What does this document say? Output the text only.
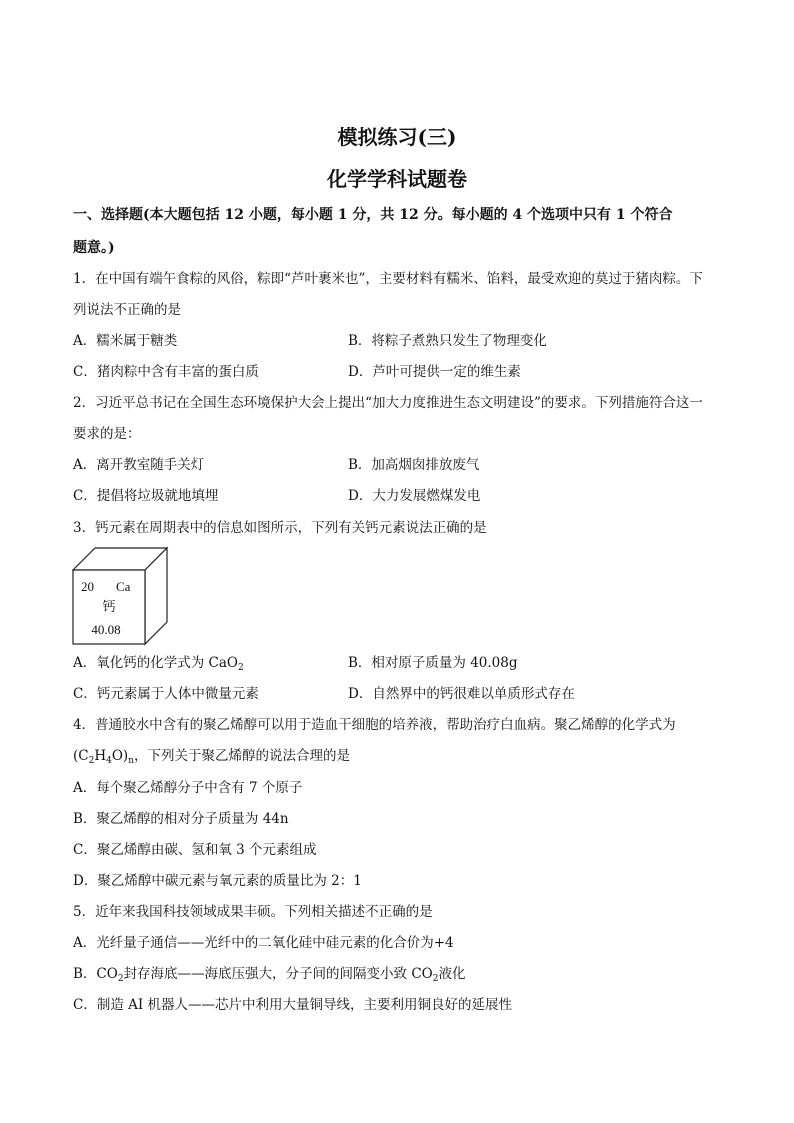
模拟练习(三)
化学学科试题卷
一、选择题(本大题包括 12 小题，每小题 1 分，共 12 分。每小题的 4 个选项中只有 1 个符合
题意。)
1．在中国有端午食粽的风俗，粽即“芦叶裹米也”，主要材料有糯米、馅料，最受欢迎的莫过于猪肉粽。下
列说法不正确的是
A．糯米属于糖类	B．将粽子煮熟只发生了物理变化
C．猪肉粽中含有丰富的蛋白质	D．芦叶可提供一定的维生素
2．习近平总书记在全国生态环境保护大会上提出“加大力度推进生态文明建设”的要求。下列措施符合这一
要求的是：
A．离开教室随手关灯	B．加高烟囱排放废气
C．提倡将垃圾就地填埋	D．大力发展燃煤发电
3．钙元素在周期表中的信息如图所示，下列有关钙元素说法正确的是
20 Ca
钙
40.08
A．氧化钙的化学式为 CaO$_2$	B．相对原子质量为 40.08g
C．钙元素属于人体中微量元素	D．自然界中的钙很难以单质形式存在
4．普通胶水中含有的聚乙烯醇可以用于造血干细胞的培养液，帮助治疗白血病。聚乙烯醇的化学式为
$(C_2H_4O)_n$，下列关于聚乙烯醇的说法合理的是
A．每个聚乙烯醇分子中含有 7 个原子
B．聚乙烯醇的相对分子质量为 44n
C．聚乙烯醇由碳、氢和氧 3 个元素组成
D．聚乙烯醇中碳元素与氧元素的质量比为 2：1
5．近年来我国科技领域成果丰硕。下列相关描述不正确的是
A．光纤量子通信——光纤中的二氧化硅中硅元素的化合价为+4
B．$CO_2$封存海底——海底压强大，分子间的间隔变小致 $CO_2$液化
C．制造 AI 机器人——芯片中利用大量铜导线，主要利用铜良好的延展性
